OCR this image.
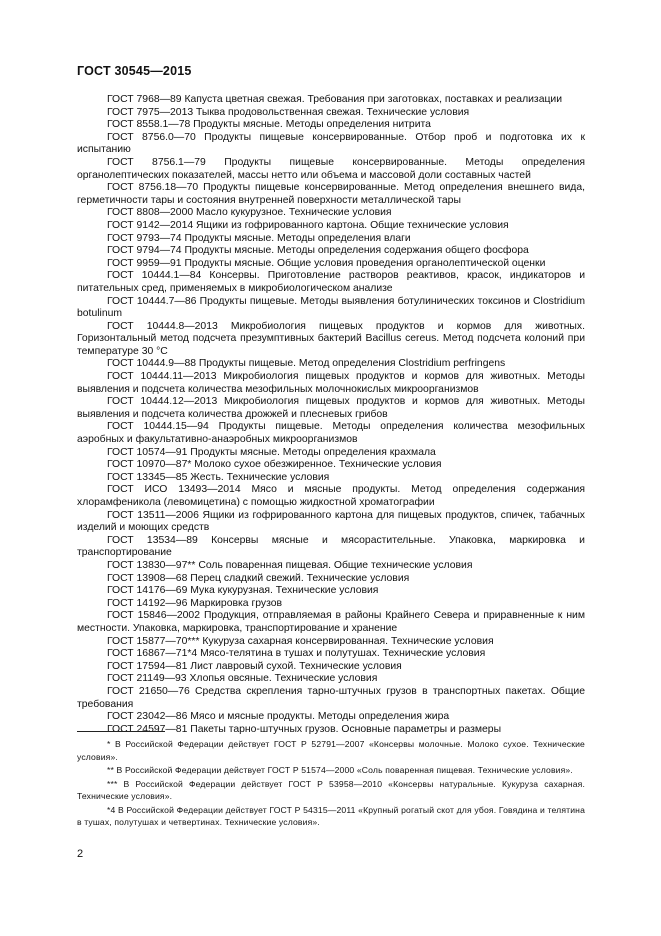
ГОСТ 30545—2015

ГОСТ 7968—89 Капуста цветная свежая. Требования при заготовках, поставках и реализации

ГОСТ 7975—2013 Тыква продовольственная свежая. Технические условия

ГОСТ 8558.1—78 Продукты мясные. Методы определения нитрита

ГОСТ 8756.0—70 Продукты пищевые консервированные. Отбор проб и подготовка их к испытанию

ГОСТ 8756.1—79 Продукты пищевые консервированные. Методы определения органолептических показателей, массы нетто или объема и массовой доли составных частей

ГОСТ 8756.18—70 Продукты пищевые консервированные. Метод определения внешнего вида, герметичности тары и состояния внутренней поверхности металлической тары

ГОСТ 8808—2000 Масло кукурузное. Технические условия

ГОСТ 9142—2014 Ящики из гофрированного картона. Общие технические условия

ГОСТ 9793—74 Продукты мясные. Методы определения влаги

ГОСТ 9794—74 Продукты мясные. Методы определения содержания общего фосфора

ГОСТ 9959—91 Продукты мясные. Общие условия проведения органолептической оценки

ГОСТ 10444.1—84 Консервы. Приготовление растворов реактивов, красок, индикаторов и питательных сред, применяемых в микробиологическом анализе

ГОСТ 10444.7—86 Продукты пищевые. Методы выявления ботулинических токсинов и Clostridium botulinum

ГОСТ 10444.8—2013 Микробиология пищевых продуктов и кормов для животных. Горизонтальный метод подсчета презумптивных бактерий Bacillus cereus. Метод подсчета колоний при температуре 30 °С

ГОСТ 10444.9—88 Продукты пищевые. Метод определения Clostridium perfringens

ГОСТ 10444.11—2013 Микробиология пищевых продуктов и кормов для животных. Методы выявления и подсчета количества мезофильных молочнокислых микроорганизмов

ГОСТ 10444.12—2013 Микробиология пищевых продуктов и кормов для животных. Методы выявления и подсчета количества дрожжей и плесневых грибов

ГОСТ 10444.15—94 Продукты пищевые. Методы определения количества мезофильных аэробных и факультативно-анаэробных микроорганизмов

ГОСТ 10574—91 Продукты мясные. Методы определения крахмала

ГОСТ 10970—87* Молоко сухое обезжиренное. Технические условия

ГОСТ 13345—85 Жесть. Технические условия

ГОСТ ИСО 13493—2014 Мясо и мясные продукты. Метод определения содержания хлорамфеникола (левомицетина) с помощью жидкостной хроматографии

ГОСТ 13511—2006 Ящики из гофрированного картона для пищевых продуктов, спичек, табачных изделий и моющих средств

ГОСТ 13534—89 Консервы мясные и мясорастительные. Упаковка, маркировка и транспортирование

ГОСТ 13830—97** Соль поваренная пищевая. Общие технические условия

ГОСТ 13908—68 Перец сладкий свежий. Технические условия

ГОСТ 14176—69 Мука кукурузная. Технические условия

ГОСТ 14192—96 Маркировка грузов

ГОСТ 15846—2002 Продукция, отправляемая в районы Крайнего Севера и приравненные к ним местности. Упаковка, маркировка, транспортирование и хранение

ГОСТ 15877—70*** Кукуруза сахарная консервированная. Технические условия

ГОСТ 16867—71*4 Мясо-телятина в тушах и полутушах. Технические условия

ГОСТ 17594—81 Лист лавровый сухой. Технические условия

ГОСТ 21149—93 Хлопья овсяные. Технические условия

ГОСТ 21650—76 Средства скрепления тарно-штучных грузов в транспортных пакетах. Общие требования

ГОСТ 23042—86 Мясо и мясные продукты. Методы определения жира

ГОСТ 24597—81 Пакеты тарно-штучных грузов. Основные параметры и размеры

* В Российской Федерации действует ГОСТ Р 52791—2007 «Консервы молочные. Молоко сухое. Технические условия».

** В Российской Федерации действует ГОСТ Р 51574—2000 «Соль поваренная пищевая. Технические условия».

*** В Российской Федерации действует ГОСТ Р 53958—2010 «Консервы натуральные. Кукуруза сахарная. Технические условия».

*4 В Российской Федерации действует ГОСТ Р 54315—2011 «Крупный рогатый скот для убоя. Говядина и телятина в тушах, полутушах и четвертинах. Технические условия».

2
